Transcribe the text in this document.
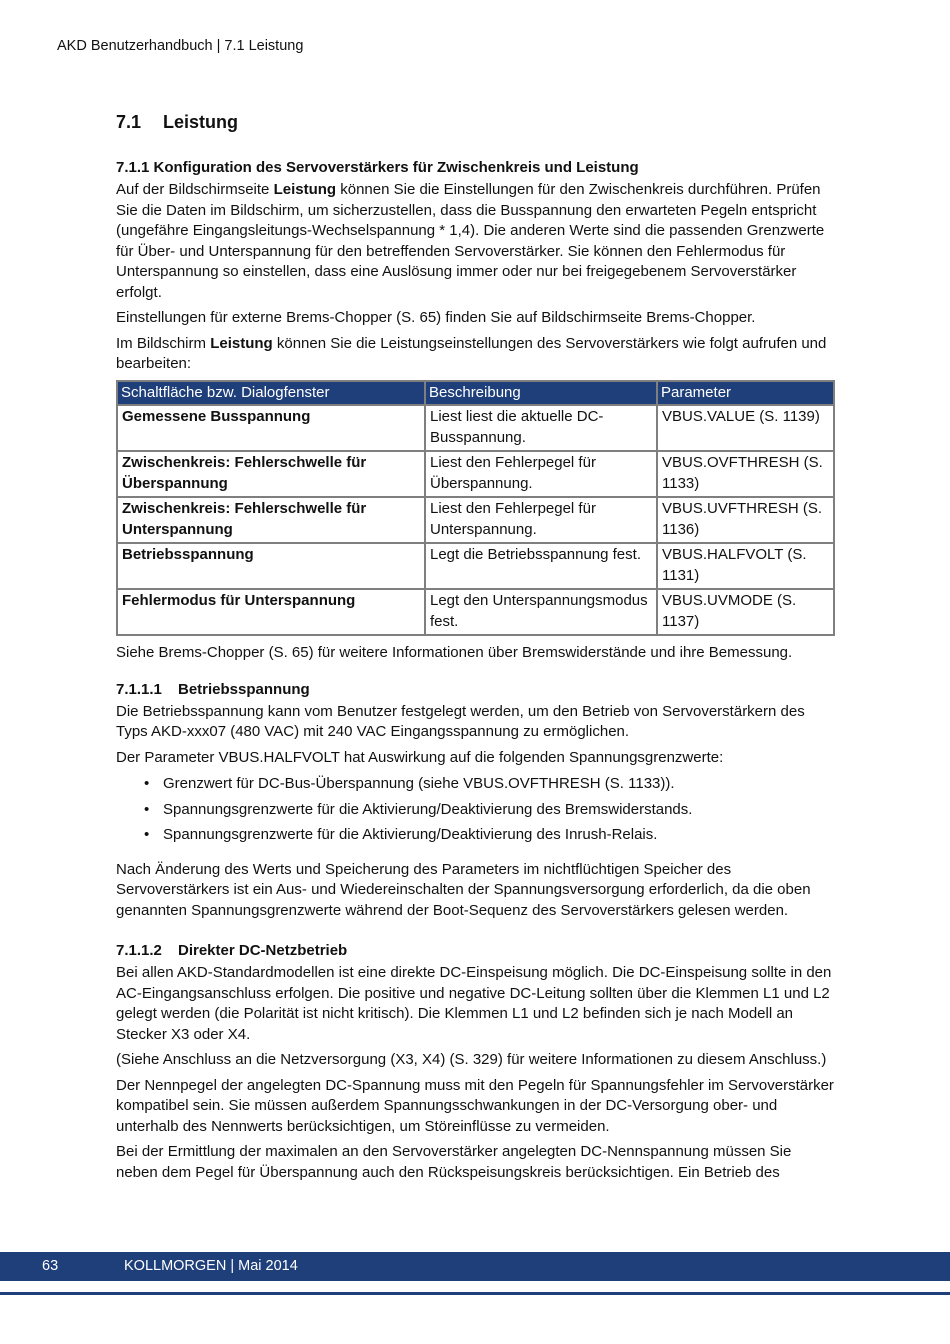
AKD Benutzerhandbuch | 7.1 Leistung
7.1	Leistung
7.1.1 Konfiguration des Servoverstärkers für Zwischenkreis und Leistung

Auf der Bildschirmseite Leistung können Sie die Einstellungen für den Zwischenkreis durchführen. Prüfen Sie die Daten im Bildschirm, um sicherzustellen, dass die Busspannung den erwarteten Pegeln entspricht (ungefähre Eingangsleitungs-Wechselspannung * 1,4). Die anderen Werte sind die passenden Grenzwerte für Über- und Unterspannung für den betreffenden Servoverstärker. Sie können den Fehlermodus für Unterspannung so einstellen, dass eine Auslösung immer oder nur bei freigegebenem Servoverstärker erfolgt.

Einstellungen für externe Brems-Chopper (S. 65) finden Sie auf Bildschirmseite Brems-Chopper.

Im Bildschirm Leistung können Sie die Leistungseinstellungen des Servoverstärkers wie folgt aufrufen und bearbeiten:

Schaltfläche bzw. Dialogfenster	Beschreibung	Parameter
Gemessene Busspannung	Liest liest die aktuelle DC-Busspannung.	VBUS.VALUE (S. 1139)
Zwischenkreis: Fehlerschwelle für Überspannung	Liest den Fehlerpegel für Überspannung.	VBUS.OVFTHRESH (S. 1133)
Zwischenkreis: Fehlerschwelle für Unterspannung	Liest den Fehlerpegel für Unterspannung.	VBUS.UVFTHRESH (S. 1136)
Betriebsspannung	Legt die Betriebsspannung fest.	VBUS.HALFVOLT (S. 1131)
Fehlermodus für Unterspannung	Legt den Unterspannungsmodus fest.	VBUS.UVMODE (S. 1137)

Siehe Brems-Chopper (S. 65) für weitere Informationen über Bremswiderstände und ihre Bemessung.

7.1.1.1	Betriebsspannung

Die Betriebsspannung kann vom Benutzer festgelegt werden, um den Betrieb von Servoverstärkern des Typs AKD-xxx07 (480 VAC) mit 240 VAC Eingangsspannung zu ermöglichen.

Der Parameter VBUS.HALFVOLT hat Auswirkung auf die folgenden Spannungsgrenzwerte:

• Grenzwert für DC-Bus-Überspannung (siehe VBUS.OVFTHRESH (S. 1133)).
• Spannungsgrenzwerte für die Aktivierung/Deaktivierung des Bremswiderstands.
• Spannungsgrenzwerte für die Aktivierung/Deaktivierung des Inrush-Relais.

Nach Änderung des Werts und Speicherung des Parameters im nichtflüchtigen Speicher des Servoverstärkers ist ein Aus- und Wiedereinschalten der Spannungsversorgung erforderlich, da die oben genannten Spannungsgrenzwerte während der Boot-Sequenz des Servoverstärkers gelesen werden.

7.1.1.2	Direkter DC-Netzbetrieb

Bei allen AKD-Standardmodellen ist eine direkte DC-Einspeisung möglich. Die DC-Einspeisung sollte in den AC-Eingangsanschluss erfolgen. Die positive und negative DC-Leitung sollten über die Klemmen L1 und L2 gelegt werden (die Polarität ist nicht kritisch). Die Klemmen L1 und L2 befinden sich je nach Modell an Stecker X3 oder X4.

(Siehe Anschluss an die Netzversorgung (X3, X4) (S. 329) für weitere Informationen zu diesem Anschluss.)

Der Nennpegel der angelegten DC-Spannung muss mit den Pegeln für Spannungsfehler im Servoverstärker kompatibel sein. Sie müssen außerdem Spannungsschwankungen in der DC-Versorgung ober- und unterhalb des Nennwerts berücksichtigen, um Störeinflüsse zu vermeiden.

Bei der Ermittlung der maximalen an den Servoverstärker angelegten DC-Nennspannung müssen Sie neben dem Pegel für Überspannung auch den Rückspeisungskreis berücksichtigen. Ein Betrieb des

63	KOLLMORGEN | Mai 2014
